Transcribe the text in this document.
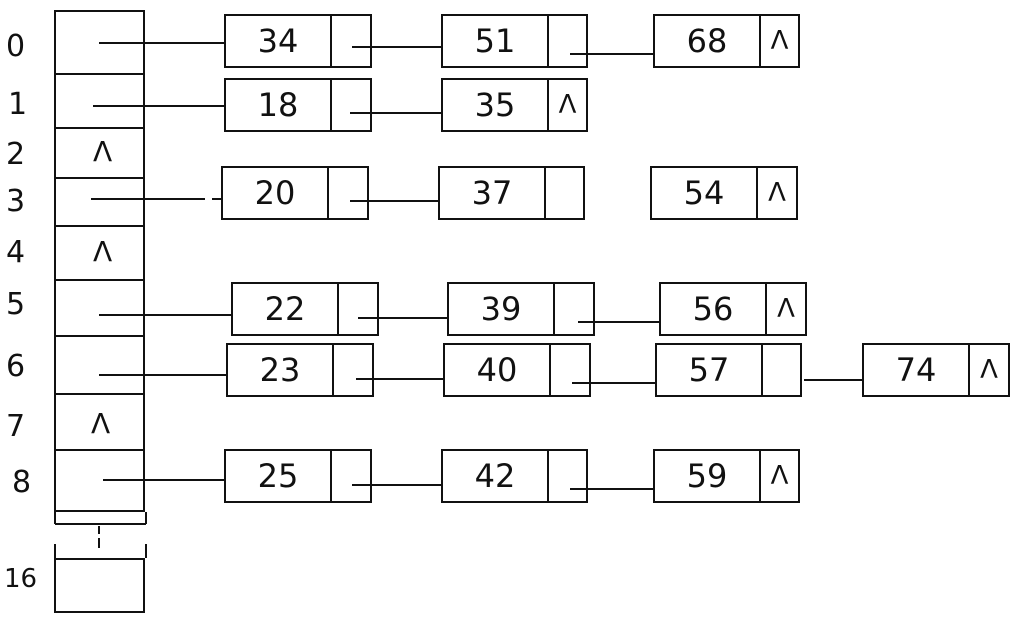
0
1
2
3
4
5
6
7
8
16
Λ
Λ
Λ
34	51	68	Λ
18	35	Λ
20	37	54	Λ
22	39	56	Λ
23	40	57	74	Λ
25	42	59	Λ
